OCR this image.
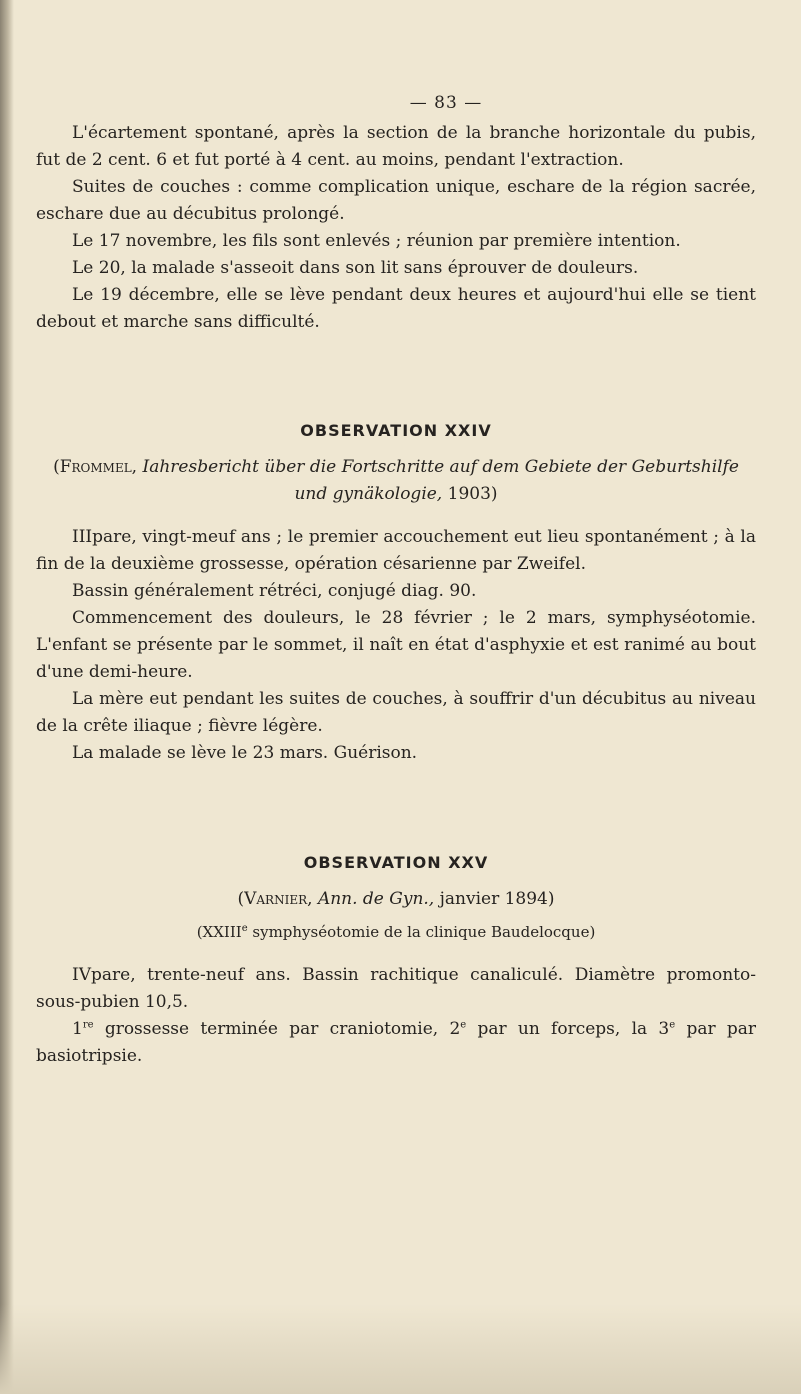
— 83 —

L'écartement spontané, après la section de la branche horizontale du pubis, fut de 2 cent. 6 et fut porté à 4 cent. au moins, pendant l'extraction.

Suites de couches : comme complication unique, eschare de la région sacrée, eschare due au décubitus prolongé.

Le 17 novembre, les fils sont enlevés ; réunion par première intention.

Le 20, la malade s'asseoit dans son lit sans éprouver de douleurs.

Le 19 décembre, elle se lève pendant deux heures et aujourd'hui elle se tient debout et marche sans difficulté.

OBSERVATION XXIV
(Frommel, Iahresbericht über die Fortschritte auf dem Gebiete der Geburtshilfe und gynäkologie, 1903)

IIIpare, vingt-meuf ans ; le premier accouchement eut lieu spontanément ; à la fin de la deuxième grossesse, opération césarienne par Zweifel.

Bassin généralement rétréci, conjugé diag. 90.

Commencement des douleurs, le 28 février ; le 2 mars, symphyséotomie. L'enfant se présente par le sommet, il naît en état d'asphyxie et est ranimé au bout d'une demi-heure.

La mère eut pendant les suites de couches, à souffrir d'un décubitus au niveau de la crête iliaque ; fièvre légère.

La malade se lève le 23 mars. Guérison.

OBSERVATION XXV
(Varnier, Ann. de Gyn., janvier 1894)
(XXIIIe symphyséotomie de la clinique Baudelocque)

IVpare, trente-neuf ans. Bassin rachitique canaliculé. Diamètre promonto-sous-pubien 10,5.

1re grossesse terminée par craniotomie, 2e par un forceps, la 3e par par basiotripsie.
